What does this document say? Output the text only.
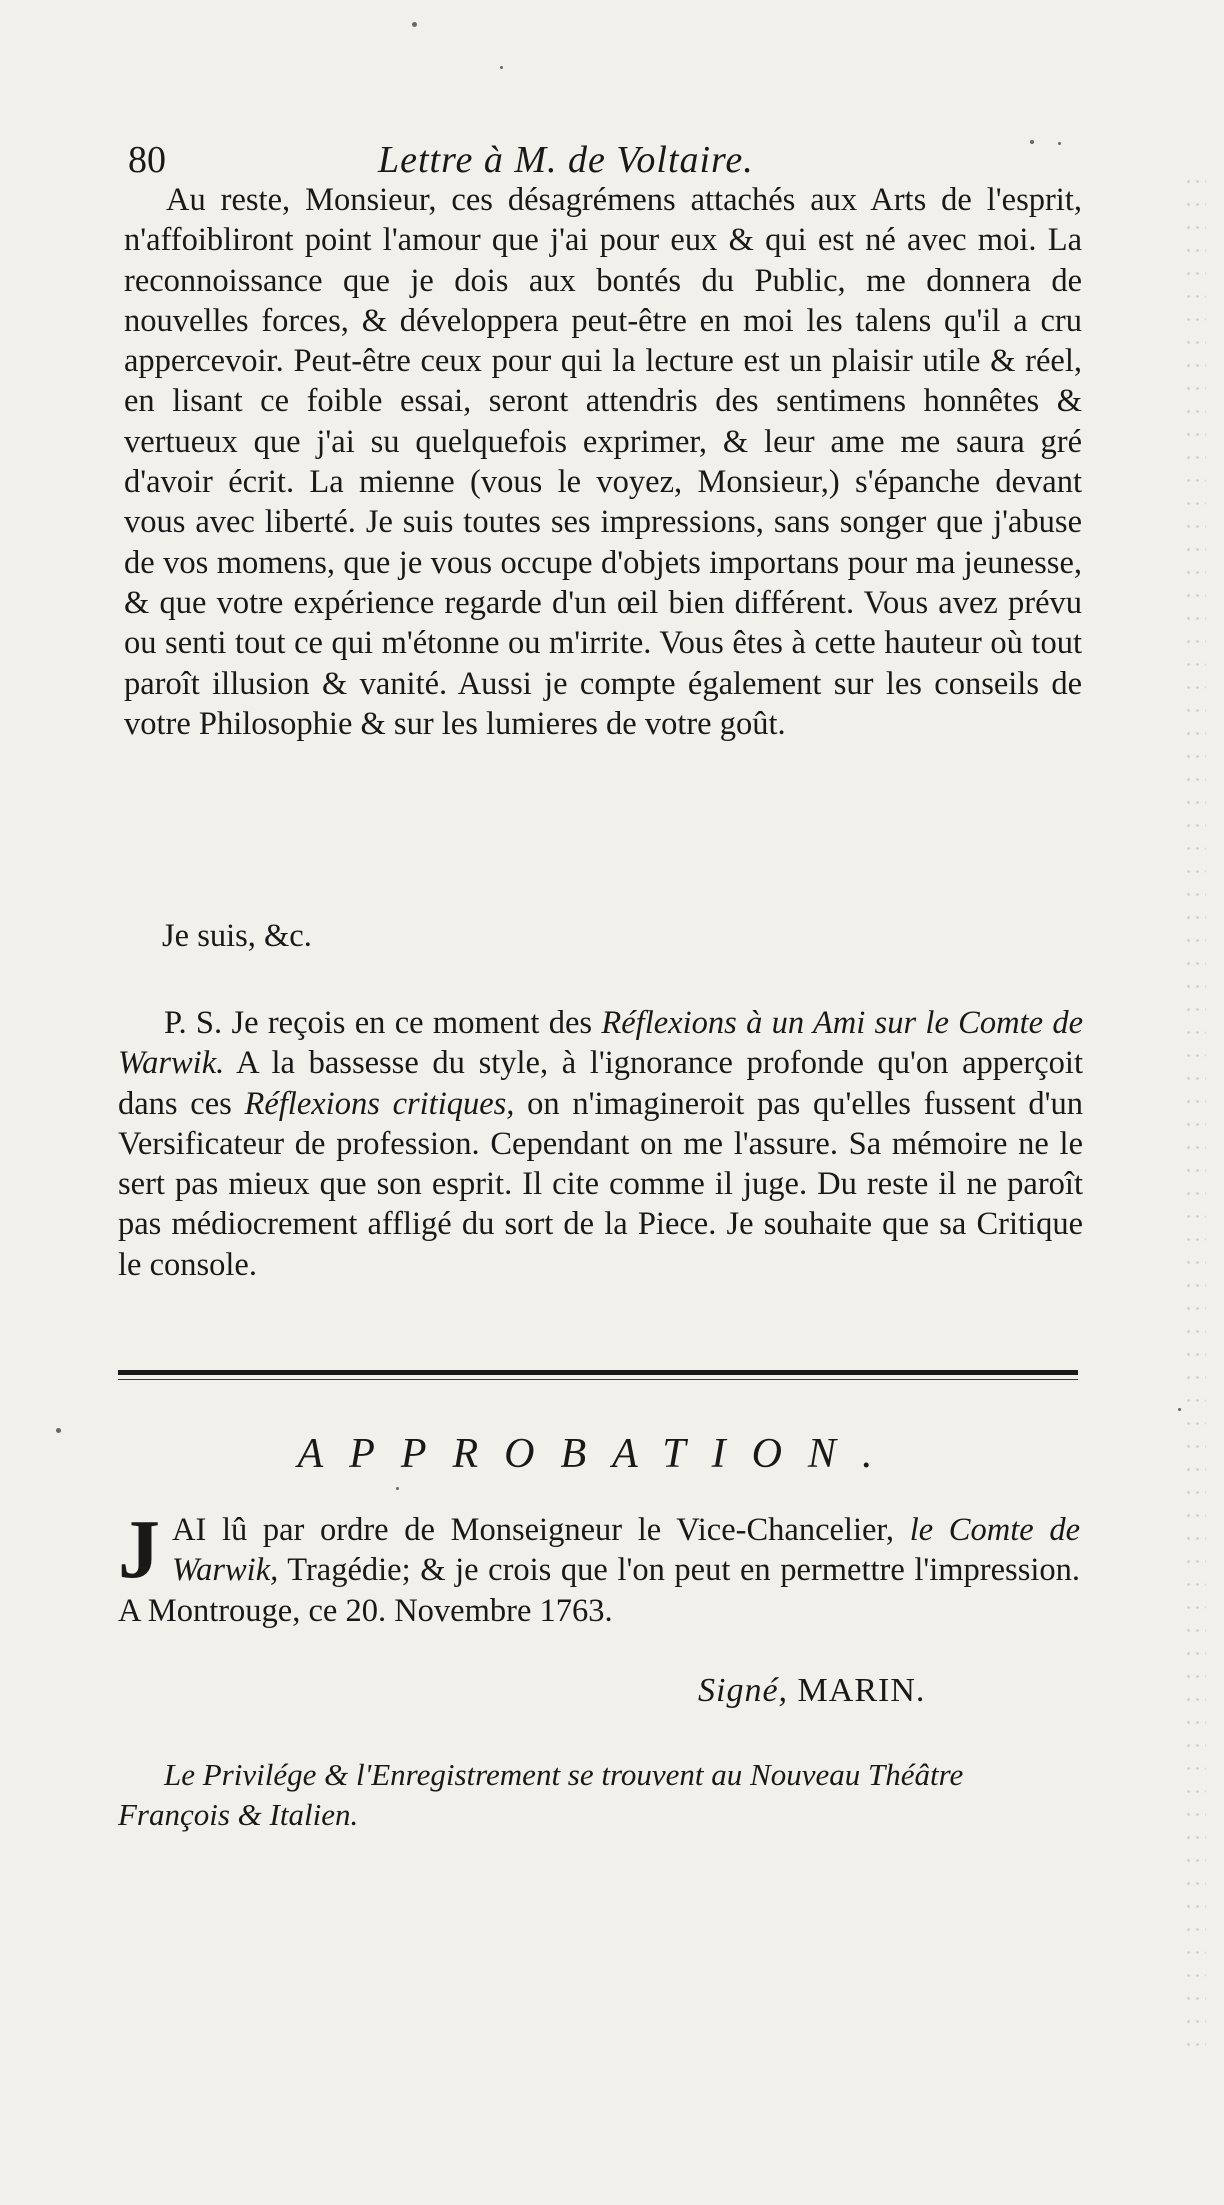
80	Lettre à M. de Voltaire.

Au reste, Monsieur, ces désagrémens attachés aux Arts de l'esprit, n'affoibliront point l'amour que j'ai pour eux & qui est né avec moi. La reconnoissance que je dois aux bontés du Public, me donnera de nouvelles forces, & développera peut-être en moi les talens qu'il a cru appercevoir. Peut-être ceux pour qui la lecture est un plaisir utile & réel, en lisant ce foible essai, seront attendris des sentimens honnêtes & vertueux que j'ai su quelquefois exprimer, & leur ame me saura gré d'avoir écrit. La mienne (vous le voyez, Monsieur,) s'épanche devant vous avec liberté. Je suis toutes ses impressions, sans songer que j'abuse de vos momens, que je vous occupe d'objets importans pour ma jeunesse, & que votre expérience regarde d'un œil bien différent. Vous avez prévu ou senti tout ce qui m'étonne ou m'irrite. Vous êtes à cette hauteur où tout paroît illusion & vanité. Aussi je compte également sur les conseils de votre Philosophie & sur les lumieres de votre goût.

Je suis, &c.
P. S. Je reçois en ce moment des Réflexions à un Ami sur le Comte de Warwik. A la bassesse du style, à l'ignorance profonde qu'on apperçoit dans ces Réflexions critiques, on n'imagineroit pas qu'elles fussent d'un Versificateur de profession. Cependant on me l'assure. Sa mémoire ne le sert pas mieux que son esprit. Il cite comme il juge. Du reste il ne paroît pas médiocrement affligé du sort de la Piece. Je souhaite que sa Critique le console.
APPROBATION.
J AI lû par ordre de Monseigneur le Vice-Chancelier, le Comte de Warwik, Tragédie; & je crois que l'on peut en permettre l'impression. A Montrouge, ce 20. Novembre 1763.
Signé, MARIN.
Le Privilége & l'Enregistrement se trouvent au Nouveau Théâtre François & Italien.
